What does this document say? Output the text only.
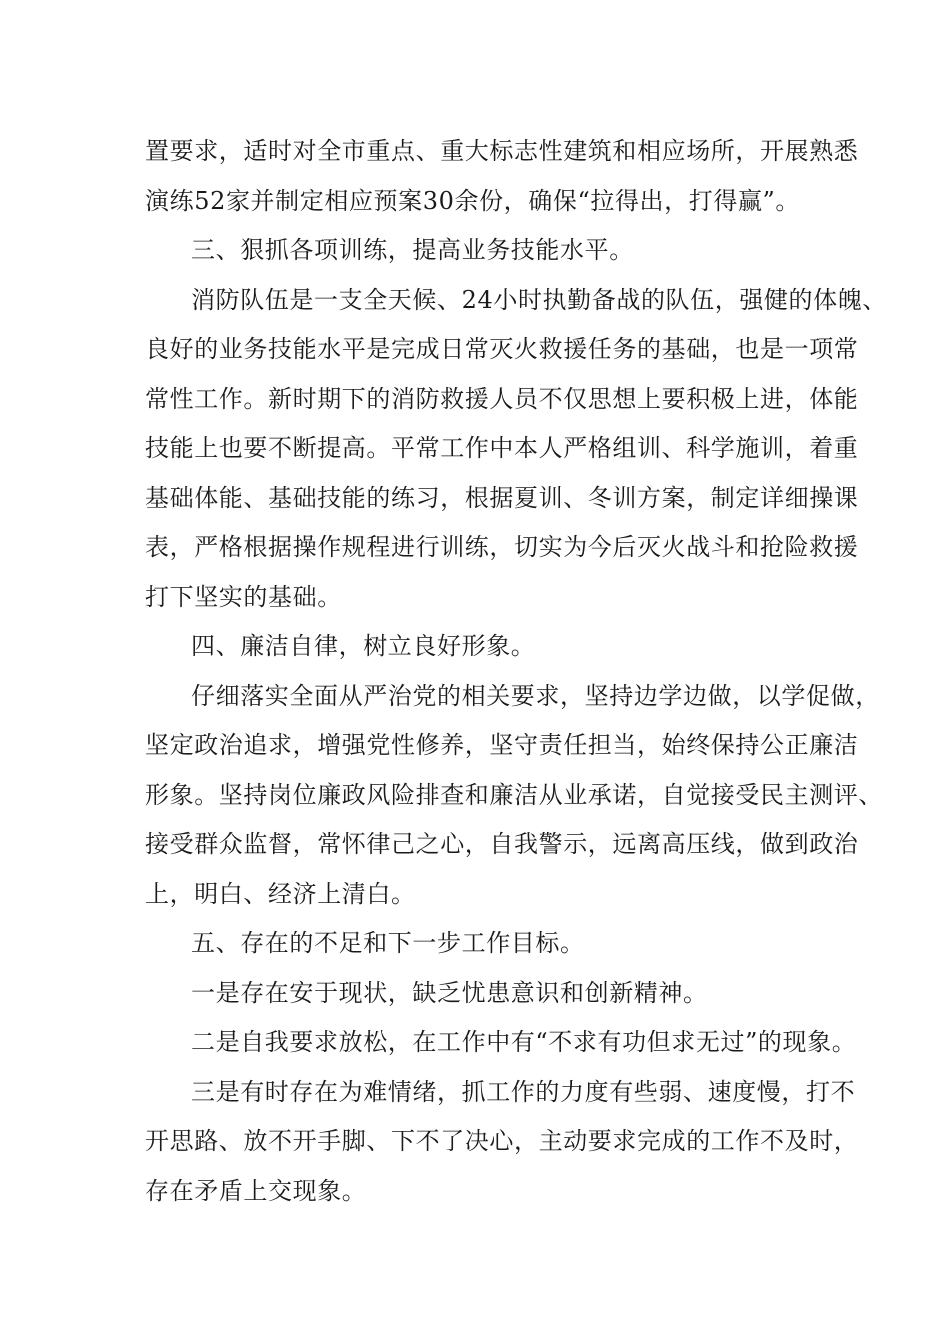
置要求，适时对全市重点、重大标志性建筑和相应场所，开展熟悉
演练52家并制定相应预案30余份，确保“拉得出，打得赢”。
三、狠抓各项训练，提高业务技能水平。
消防队伍是一支全天候、24小时执勤备战的队伍，强健的体魄、
良好的业务技能水平是完成日常灭火救援任务的基础，也是一项常
常性工作。新时期下的消防救援人员不仅思想上要积极上进，体能
技能上也要不断提高。平常工作中本人严格组训、科学施训，着重
基础体能、基础技能的练习，根据夏训、冬训方案，制定详细操课
表，严格根据操作规程进行训练，切实为今后灭火战斗和抢险救援
打下坚实的基础。
四、廉洁自律，树立良好形象。
仔细落实全面从严治党的相关要求，坚持边学边做，以学促做，
坚定政治追求，增强党性修养，坚守责任担当，始终保持公正廉洁
形象。坚持岗位廉政风险排查和廉洁从业承诺，自觉接受民主测评、
接受群众监督，常怀律己之心，自我警示，远离高压线，做到政治
上，明白、经济上清白。
五、存在的不足和下一步工作目标。
一是存在安于现状，缺乏忧患意识和创新精神。
二是自我要求放松，在工作中有“不求有功但求无过”的现象。
三是有时存在为难情绪，抓工作的力度有些弱、速度慢，打不
开思路、放不开手脚、下不了决心，主动要求完成的工作不及时，
存在矛盾上交现象。
